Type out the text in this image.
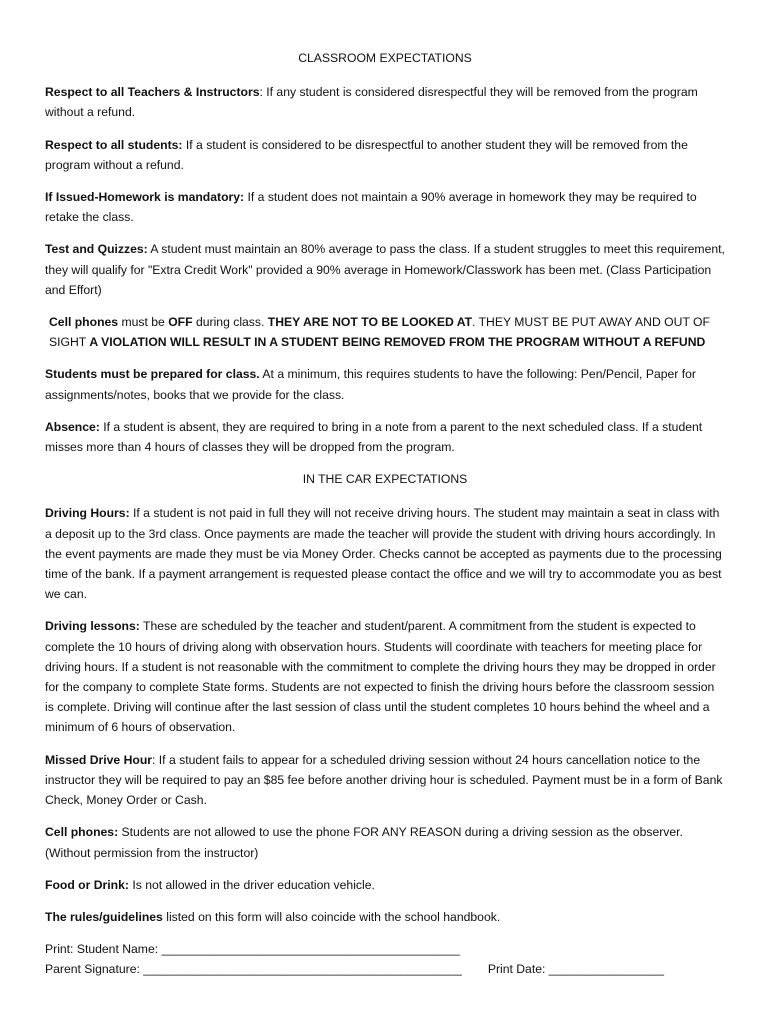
CLASSROOM EXPECTATIONS

Respect to all Teachers & Instructors: If any student is considered disrespectful they will be removed from the program without a refund.

Respect to all students: If a student is considered to be disrespectful to another student they will be removed from the program without a refund.

If Issued-Homework is mandatory: If a student does not maintain a 90% average in homework they may be required to retake the class.

Test and Quizzes: A student must maintain an 80% average to pass the class. If a student struggles to meet this requirement, they will qualify for "Extra Credit Work" provided a 90% average in Homework/Classwork has been met. (Class Participation and Effort)

Cell phones must be OFF during class. THEY ARE NOT TO BE LOOKED AT. THEY MUST BE PUT AWAY AND OUT OF SIGHT A VIOLATION WILL RESULT IN A STUDENT BEING REMOVED FROM THE PROGRAM WITHOUT A REFUND

Students must be prepared for class. At a minimum, this requires students to have the following: Pen/Pencil, Paper for assignments/notes, books that we provide for the class.

Absence: If a student is absent, they are required to bring in a note from a parent to the next scheduled class. If a student misses more than 4 hours of classes they will be dropped from the program.

IN THE CAR EXPECTATIONS

Driving Hours: If a student is not paid in full they will not receive driving hours. The student may maintain a seat in class with a deposit up to the 3rd class. Once payments are made the teacher will provide the student with driving hours accordingly. In the event payments are made they must be via Money Order. Checks cannot be accepted as payments due to the processing time of the bank. If a payment arrangement is requested please contact the office and we will try to accommodate you as best we can.

Driving lessons: These are scheduled by the teacher and student/parent. A commitment from the student is expected to complete the 10 hours of driving along with observation hours. Students will coordinate with teachers for meeting place for driving hours. If a student is not reasonable with the commitment to complete the driving hours they may be dropped in order for the company to complete State forms. Students are not expected to finish the driving hours before the classroom session is complete. Driving will continue after the last session of class until the student completes 10 hours behind the wheel and a minimum of 6 hours of observation.

Missed Drive Hour: If a student fails to appear for a scheduled driving session without 24 hours cancellation notice to the instructor they will be required to pay an $85 fee before another driving hour is scheduled. Payment must be in a form of Bank Check, Money Order or Cash.

Cell phones: Students are not allowed to use the phone FOR ANY REASON during a driving session as the observer. (Without permission from the instructor)

Food or Drink: Is not allowed in the driver education vehicle.

The rules/guidelines listed on this form will also coincide with the school handbook.

Print: Student Name: ____________________________________________

Parent Signature: _______________________________________________ Print Date: _________________
